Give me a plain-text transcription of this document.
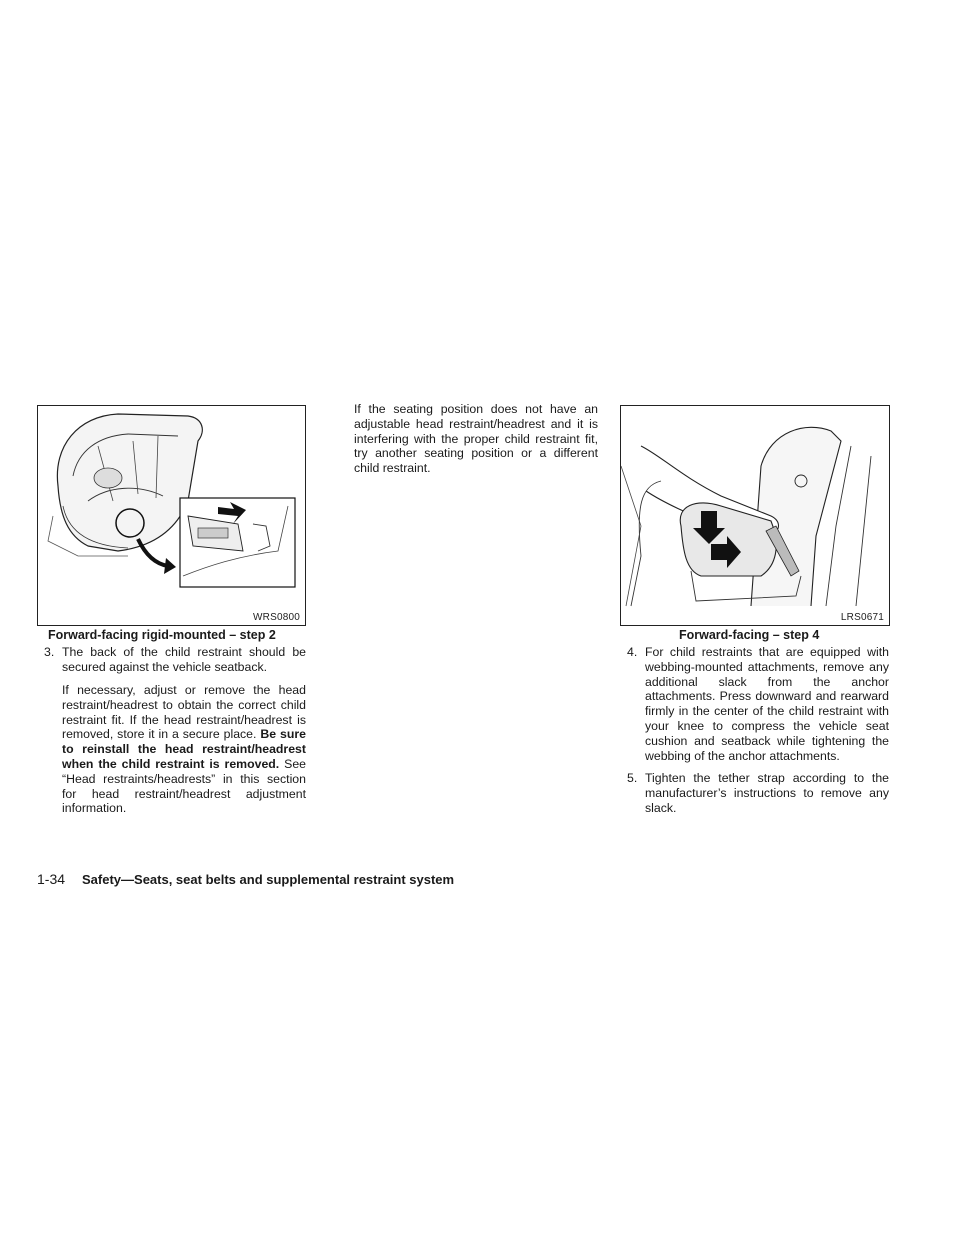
WRS0800
Forward-facing rigid-mounted – step 2
3. The back of the child restraint should be secured against the vehicle seatback.
If necessary, adjust or remove the head restraint/headrest to obtain the correct child restraint fit. If the head restraint/headrest is removed, store it in a secure place. Be sure to reinstall the head restraint/headrest when the child restraint is removed. See “Head restraints/headrests” in this section for head restraint/headrest adjustment information.
If the seating position does not have an adjustable head restraint/headrest and it is interfering with the proper child restraint fit, try another seating position or a different child restraint.
LRS0671
Forward-facing – step 4
4. For child restraints that are equipped with webbing-mounted attachments, remove any additional slack from the anchor attachments. Press downward and rearward firmly in the center of the child restraint with your knee to compress the vehicle seat cushion and seatback while tightening the webbing of the anchor attachments.
5. Tighten the tether strap according to the manufacturer’s instructions to remove any slack.
1-34 Safety—Seats, seat belts and supplemental restraint system
